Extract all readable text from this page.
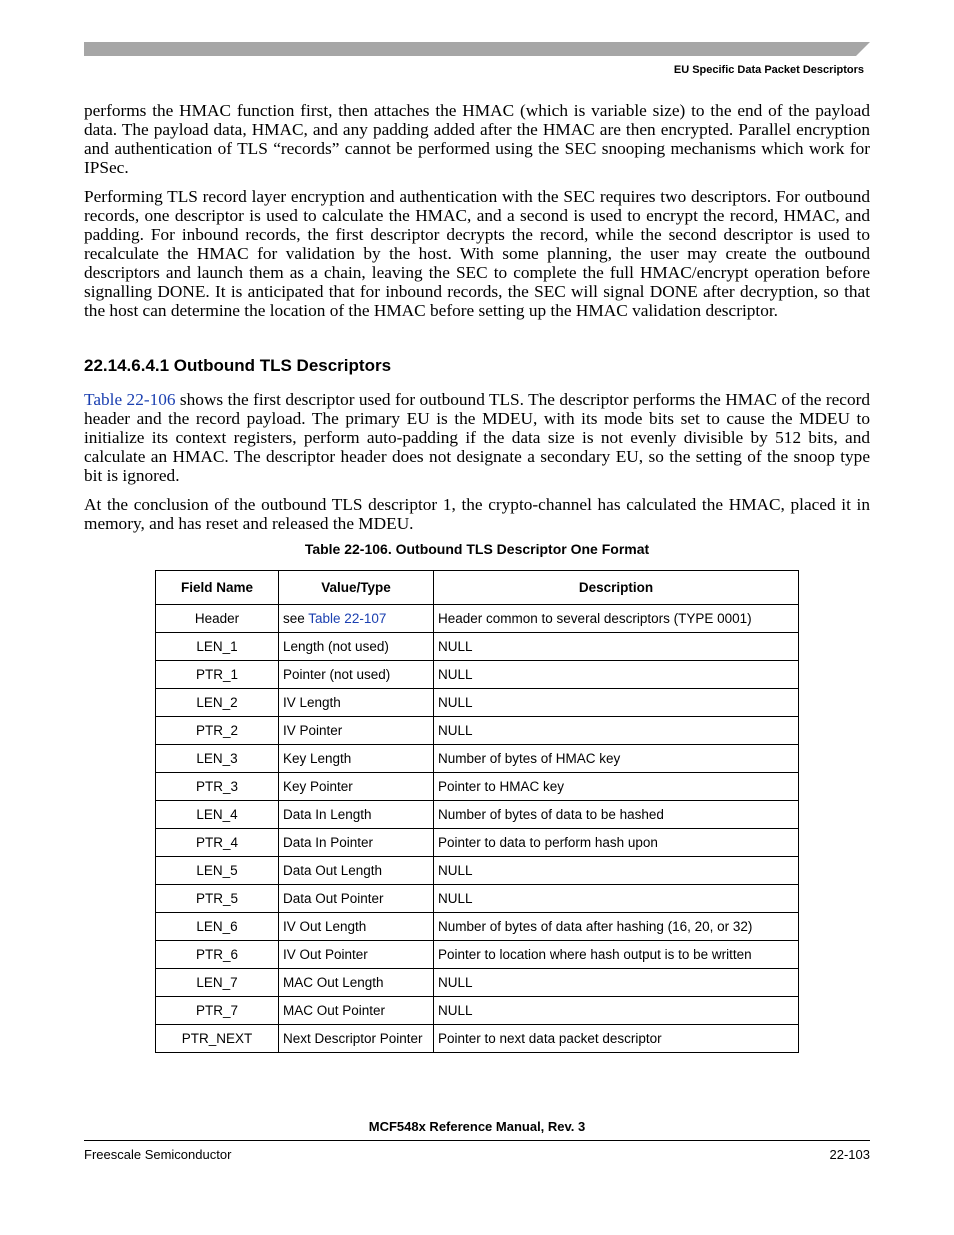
EU Specific Data Packet Descriptors

performs the HMAC function first, then attaches the HMAC (which is variable size) to the end of the payload data. The payload data, HMAC, and any padding added after the HMAC are then encrypted. Parallel encryption and authentication of TLS “records” cannot be performed using the SEC snooping mechanisms which work for IPSec.

Performing TLS record layer encryption and authentication with the SEC requires two descriptors. For outbound records, one descriptor is used to calculate the HMAC, and a second is used to encrypt the record, HMAC, and padding. For inbound records, the first descriptor decrypts the record, while the second descriptor is used to recalculate the HMAC for validation by the host. With some planning, the user may create the outbound descriptors and launch them as a chain, leaving the SEC to complete the full HMAC/encrypt operation before signalling DONE. It is anticipated that for inbound records, the SEC will signal DONE after decryption, so that the host can determine the location of the HMAC before setting up the HMAC validation descriptor.

22.14.6.4.1 Outbound TLS Descriptors

Table 22-106 shows the first descriptor used for outbound TLS. The descriptor performs the HMAC of the record header and the record payload. The primary EU is the MDEU, with its mode bits set to cause the MDEU to initialize its context registers, perform auto-padding if the data size is not evenly divisible by 512 bits, and calculate an HMAC. The descriptor header does not designate a secondary EU, so the setting of the snoop type bit is ignored.

At the conclusion of the outbound TLS descriptor 1, the crypto-channel has calculated the HMAC, placed it in memory, and has reset and released the MDEU.

Table 22-106. Outbound TLS Descriptor One Format
Field Name	Value/Type	Description
Header	see Table 22-107	Header common to several descriptors (TYPE 0001)
LEN_1	Length (not used)	NULL
PTR_1	Pointer (not used)	NULL
LEN_2	IV Length	NULL
PTR_2	IV Pointer	NULL
LEN_3	Key Length	Number of bytes of HMAC key
PTR_3	Key Pointer	Pointer to HMAC key
LEN_4	Data In Length	Number of bytes of data to be hashed
PTR_4	Data In Pointer	Pointer to data to perform hash upon
LEN_5	Data Out Length	NULL
PTR_5	Data Out Pointer	NULL
LEN_6	IV Out Length	Number of bytes of data after hashing (16, 20, or 32)
PTR_6	IV Out Pointer	Pointer to location where hash output is to be written
LEN_7	MAC Out Length	NULL
PTR_7	MAC Out Pointer	NULL
PTR_NEXT	Next Descriptor Pointer	Pointer to next data packet descriptor
MCF548x Reference Manual, Rev. 3
Freescale Semiconductor	22-103
